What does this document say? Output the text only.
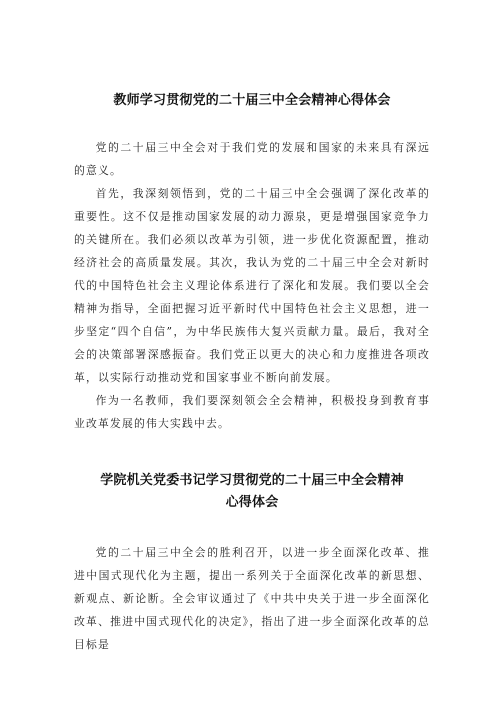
教师学习贯彻党的二十届三中全会精神心得体会

党的二十届三中全会对于我们党的发展和国家的未来具有深远的意义。

首先，我深刻领悟到，党的二十届三中全会强调了深化改革的重要性。这不仅是推动国家发展的动力源泉，更是增强国家竞争力的关键所在。我们必须以改革为引领，进一步优化资源配置，推动经济社会的高质量发展。其次，我认为党的二十届三中全会对新时代的中国特色社会主义理论体系进行了深化和发展。我们要以全会精神为指导，全面把握习近平新时代中国特色社会主义思想，进一步坚定“四个自信”，为中华民族伟大复兴贡献力量。最后，我对全会的决策部署深感振奋。我们党正以更大的决心和力度推进各项改革，以实际行动推动党和国家事业不断向前发展。

作为一名教师，我们要深刻领会全会精神，积极投身到教育事业改革发展的伟大实践中去。

学院机关党委书记学习贯彻党的二十届三中全会精神
心得体会

党的二十届三中全会的胜利召开，以进一步全面深化改革、推进中国式现代化为主题，提出一系列关于全面深化改革的新思想、新观点、新论断。全会审议通过了《中共中央关于进一步全面深化改革、推进中国式现代化的决定》，指出了进一步全面深化改革的总目标是
